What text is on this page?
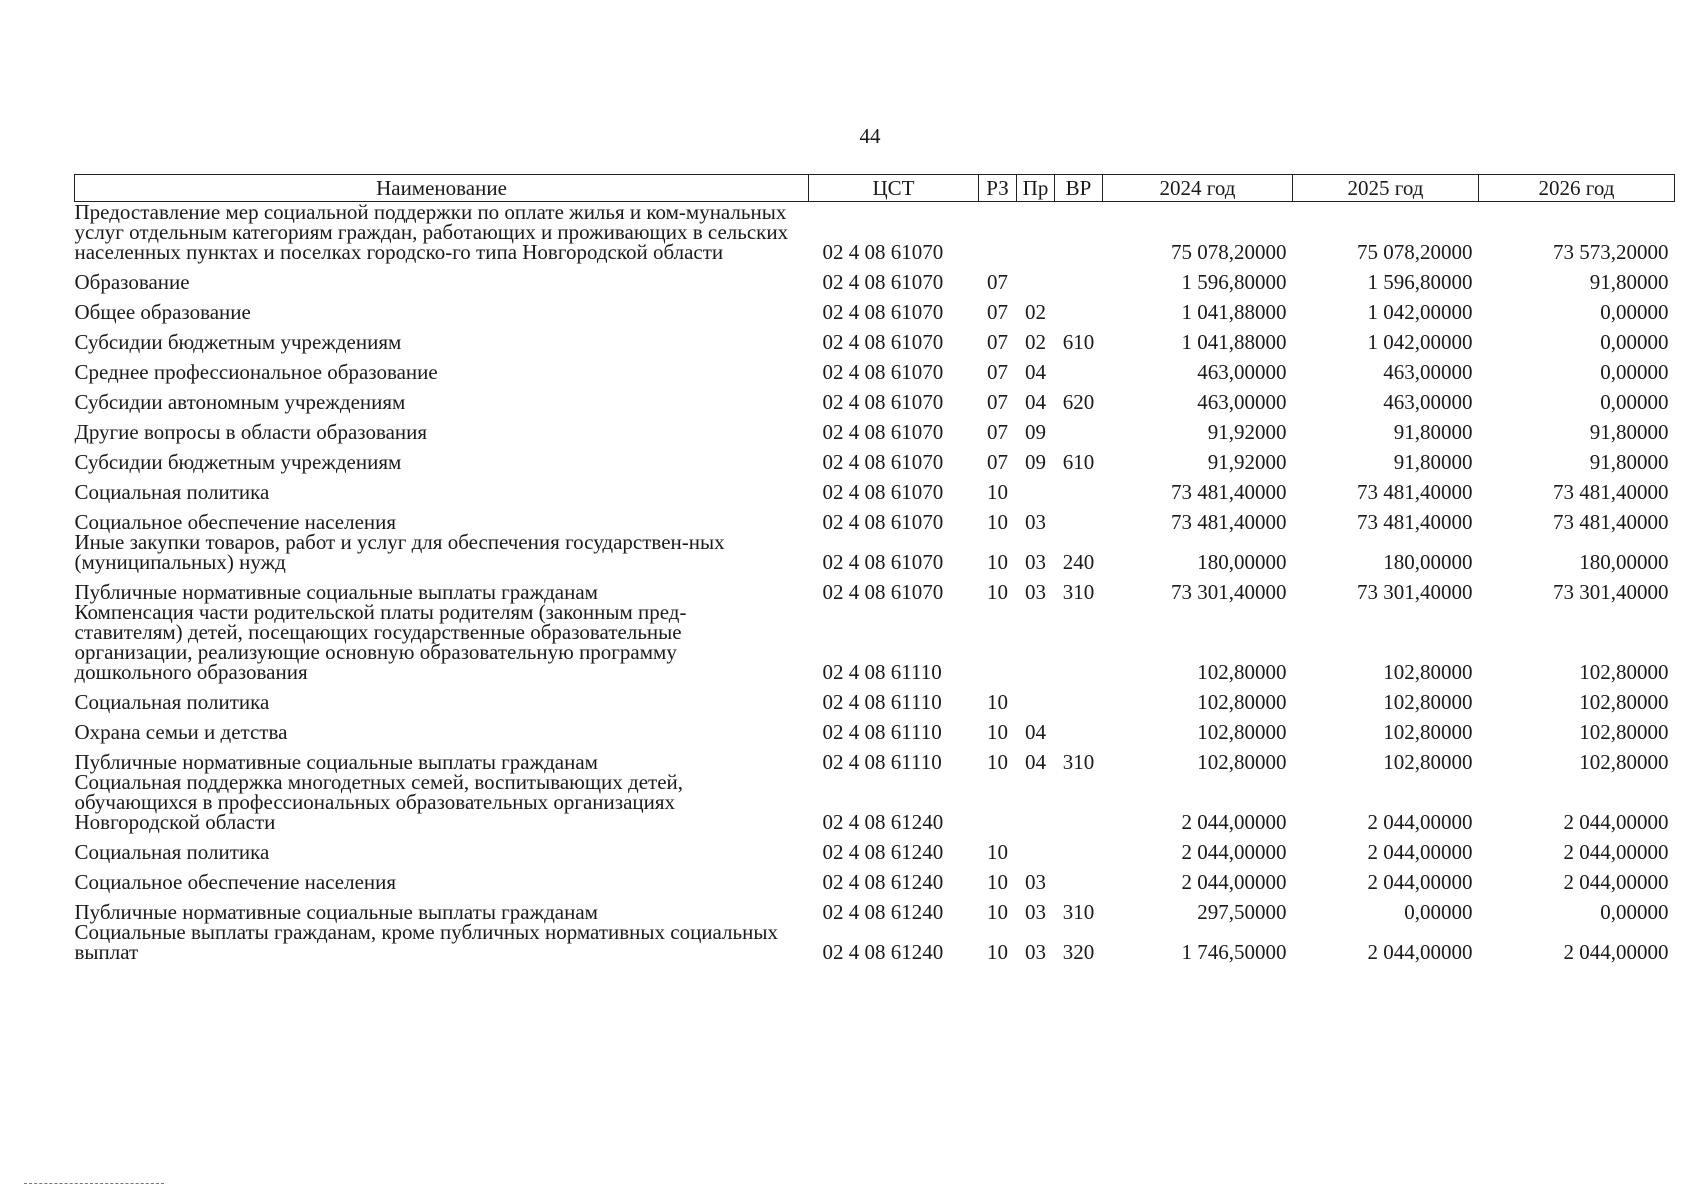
44
Наименование	ЦСТ	РЗ	Пр	ВР	2024 год	2025 год	2026 год
Предоставление мер социальной поддержки по оплате жилья и ком-мунальных услуг отдельным категориям граждан, работающих и проживающих в сельских населенных пунктах и поселках городско-го типа Новгородской области	02 4 08 61070				75 078,20000	75 078,20000	73 573,20000
Образование	02 4 08 61070	07			1 596,80000	1 596,80000	91,80000
Общее образование	02 4 08 61070	07	02		1 041,88000	1 042,00000	0,00000
Субсидии бюджетным учреждениям	02 4 08 61070	07	02	610	1 041,88000	1 042,00000	0,00000
Среднее профессиональное образование	02 4 08 61070	07	04		463,00000	463,00000	0,00000
Субсидии автономным учреждениям	02 4 08 61070	07	04	620	463,00000	463,00000	0,00000
Другие вопросы в области образования	02 4 08 61070	07	09		91,92000	91,80000	91,80000
Субсидии бюджетным учреждениям	02 4 08 61070	07	09	610	91,92000	91,80000	91,80000
Социальная политика	02 4 08 61070	10			73 481,40000	73 481,40000	73 481,40000
Социальное обеспечение населения	02 4 08 61070	10	03		73 481,40000	73 481,40000	73 481,40000
Иные закупки товаров, работ и услуг для обеспечения государствен-ных (муниципальных) нужд	02 4 08 61070	10	03	240	180,00000	180,00000	180,00000
Публичные нормативные социальные выплаты гражданам	02 4 08 61070	10	03	310	73 301,40000	73 301,40000	73 301,40000
Компенсация части родительской платы родителям (законным пред-ставителям) детей, посещающих государственные образовательные организации, реализующие основную образовательную программу дошкольного образования	02 4 08 61110				102,80000	102,80000	102,80000
Социальная политика	02 4 08 61110	10			102,80000	102,80000	102,80000
Охрана семьи и детства	02 4 08 61110	10	04		102,80000	102,80000	102,80000
Публичные нормативные социальные выплаты гражданам	02 4 08 61110	10	04	310	102,80000	102,80000	102,80000
Социальная поддержка многодетных семей, воспитывающих детей, обучающихся в профессиональных образовательных организациях Новгородской области	02 4 08 61240				2 044,00000	2 044,00000	2 044,00000
Социальная политика	02 4 08 61240	10			2 044,00000	2 044,00000	2 044,00000
Социальное обеспечение населения	02 4 08 61240	10	03		2 044,00000	2 044,00000	2 044,00000
Публичные нормативные социальные выплаты гражданам	02 4 08 61240	10	03	310	297,50000	0,00000	0,00000
Социальные выплаты гражданам, кроме публичных нормативных социальных выплат	02 4 08 61240	10	03	320	1 746,50000	2 044,00000	2 044,00000
